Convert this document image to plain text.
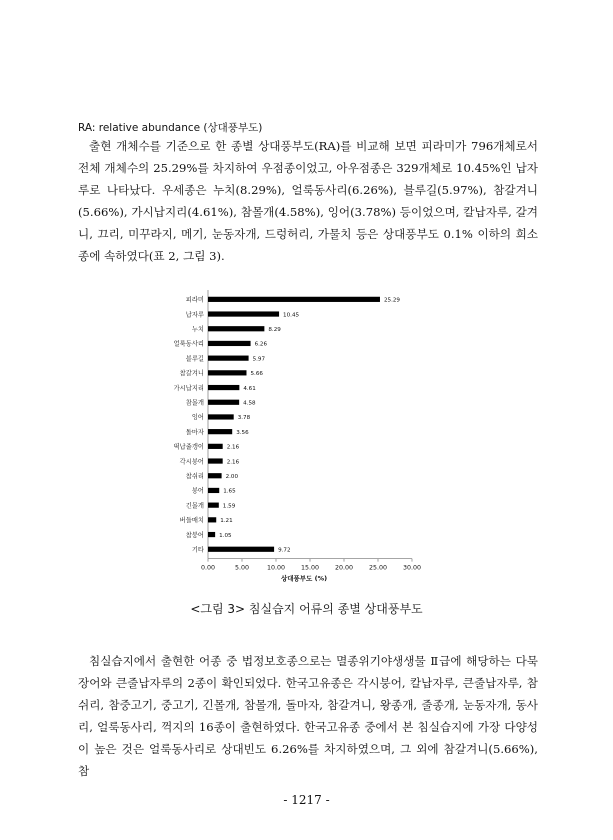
RA: relative abundance (상대풍부도)

출현 개체수를 기준으로 한 종별 상대풍부도(RA)를 비교해 보면 피라미가 796개체로서 전체 개체수의 25.29%를 차지하여 우점종이었고, 아우점종은 329개체로 10.45%인 납자루로 나타났다. 우세종은 누치(8.29%), 얼룩동사리(6.26%), 블루길(5.97%), 참갈겨니(5.66%), 가시납지리(4.61%), 참몰개(4.58%), 잉어(3.78%) 등이었으며, 칼납자루, 갈겨니, 끄리, 미꾸라지, 메기, 눈동자개, 드렁허리, 가물치 등은 상대풍부도 0.1% 이하의 희소종에 속하였다(표 2, 그림 3).

피라미	25.29
납자루	10.45
누치	8.29
얼룩동사리	6.26
블루길	5.97
참갈겨니	5.66
가시납지리	4.61
참몰개	4.58
잉어	3.78
돌마자	3.56
떡납줄갱이	2.16
각시붕어	2.16
참쉬리	2.00
붕어	1.65
긴몰개	1.59
버들매치	1.21
참붕어	1.05
기타	9.72
0.00	5.00	10.00	15.00	20.00	25.00	30.00
상대풍부도 (%)
<그림 3> 침실습지 어류의 종별 상대풍부도

침실습지에서 출현한 어종 중 법정보호종으로는 멸종위기야생생물 Ⅱ급에 해당하는 다묵장어와 큰줄납자루의 2종이 확인되었다. 한국고유종은 각시붕어, 칼납자루, 큰줄납자루, 참쉬리, 참중고기, 중고기, 긴몰개, 참몰개, 돌마자, 참갈겨니, 왕종개, 줄종개, 눈동자개, 동사리, 얼룩동사리, 꺽지의 16종이 출현하였다. 한국고유종 중에서 본 침실습지에 가장 다양성이 높은 것은 얼룩동사리로 상대빈도 6.26%를 차지하였으며, 그 외에 참갈겨니(5.66%), 참

- 1217 -
